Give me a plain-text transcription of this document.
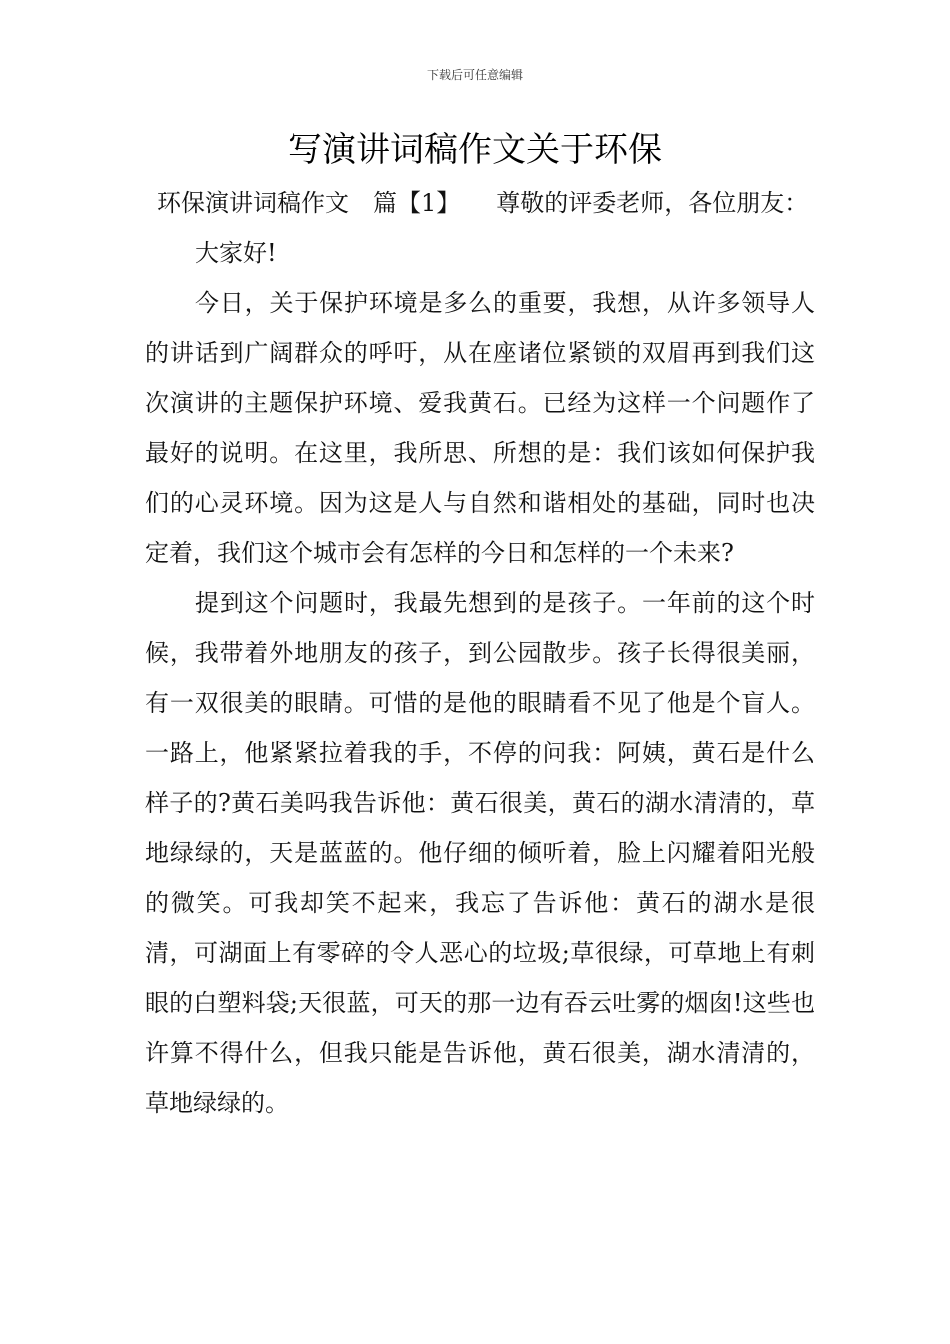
下载后可任意编辑
写演讲词稿作文关于环保

环保演讲词稿作文　篇【1】　　尊敬的评委老师，各位朋友：

大家好!

今日，关于保护环境是多么的重要，我想，从许多领导人的讲话到广阔群众的呼吁，从在座诸位紧锁的双眉再到我们这次演讲的主题保护环境、爱我黄石。已经为这样一个问题作了最好的说明。在这里，我所思、所想的是：我们该如何保护我们的心灵环境。因为这是人与自然和谐相处的基础，同时也决定着，我们这个城市会有怎样的今日和怎样的一个未来?

提到这个问题时，我最先想到的是孩子。一年前的这个时候，我带着外地朋友的孩子，到公园散步。孩子长得很美丽，有一双很美的眼睛。可惜的是他的眼睛看不见了他是个盲人。一路上，他紧紧拉着我的手，不停的问我：阿姨，黄石是什么样子的?黄石美吗我告诉他：黄石很美，黄石的湖水清清的，草地绿绿的，天是蓝蓝的。他仔细的倾听着，脸上闪耀着阳光般的微笑。可我却笑不起来，我忘了告诉他：黄石的湖水是很清，可湖面上有零碎的令人恶心的垃圾;草很绿，可草地上有刺眼的白塑料袋;天很蓝，可天的那一边有吞云吐雾的烟囱!这些也许算不得什么，但我只能是告诉他，黄石很美，湖水清清的，草地绿绿的。
